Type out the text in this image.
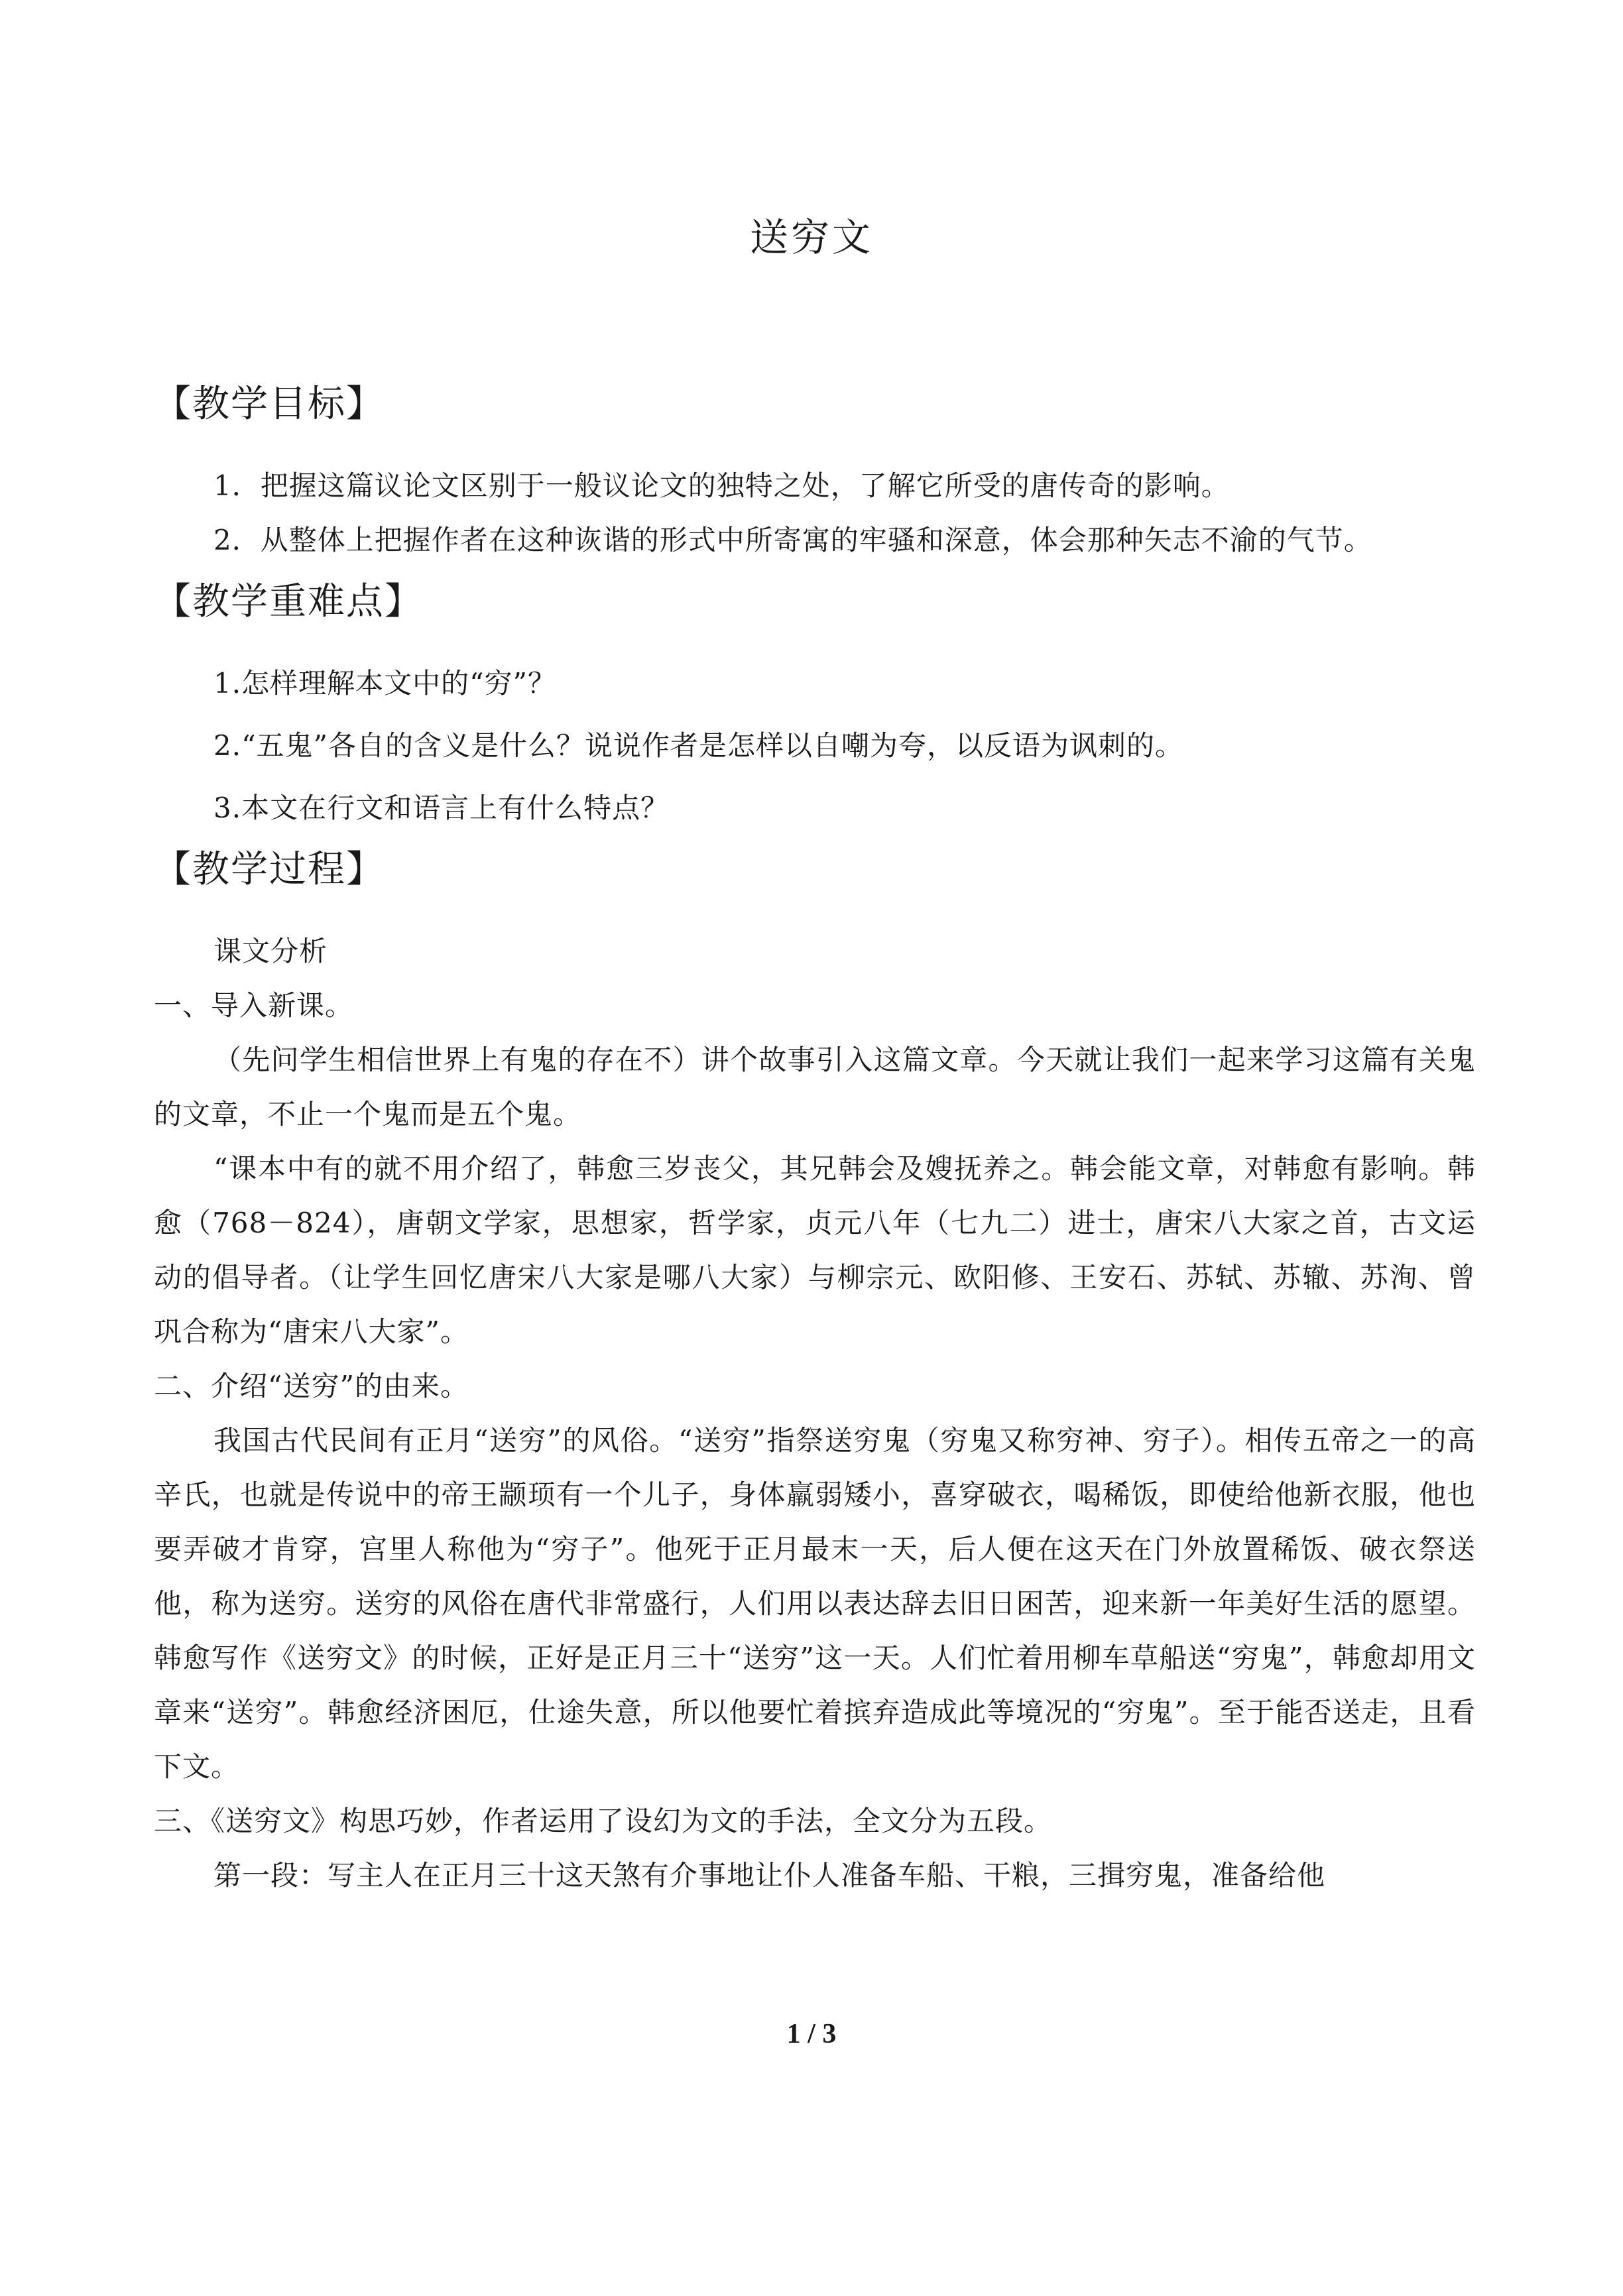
送穷文
【教学目标】

1．把握这篇议论文区别于一般议论文的独特之处，了解它所受的唐传奇的影响。

2．从整体上把握作者在这种诙谐的形式中所寄寓的牢骚和深意，体会那种矢志不渝的气节。

【教学重难点】

1.怎样理解本文中的“穷”？

2.“五鬼”各自的含义是什么？说说作者是怎样以自嘲为夸，以反语为讽刺的。

3.本文在行文和语言上有什么特点？

【教学过程】

课文分析

一、导入新课。

（先问学生相信世界上有鬼的存在不）讲个故事引入这篇文章。今天就让我们一起来学习这篇有关鬼的文章，不止一个鬼而是五个鬼。

“课本中有的就不用介绍了，韩愈三岁丧父，其兄韩会及嫂抚养之。韩会能文章，对韩愈有影响。韩愈（768－824），唐朝文学家，思想家，哲学家，贞元八年（七九二）进士，唐宋八大家之首，古文运动的倡导者。（让学生回忆唐宋八大家是哪八大家）与柳宗元、欧阳修、王安石、苏轼、苏辙、苏洵、曾巩合称为“唐宋八大家”。

二、介绍“送穷”的由来。

我国古代民间有正月“送穷”的风俗。“送穷”指祭送穷鬼（穷鬼又称穷神、穷子）。相传五帝之一的高辛氏，也就是传说中的帝王颛顼有一个儿子，身体羸弱矮小，喜穿破衣，喝稀饭，即使给他新衣服，他也要弄破才肯穿，宫里人称他为“穷子”。他死于正月最末一天，后人便在这天在门外放置稀饭、破衣祭送他，称为送穷。送穷的风俗在唐代非常盛行，人们用以表达辞去旧日困苦，迎来新一年美好生活的愿望。韩愈写作《送穷文》的时候，正好是正月三十“送穷”这一天。人们忙着用柳车草船送“穷鬼”，韩愈却用文章来“送穷”。韩愈经济困厄，仕途失意，所以他要忙着摈弃造成此等境况的“穷鬼”。至于能否送走，且看下文。

三、《送穷文》构思巧妙，作者运用了设幻为文的手法，全文分为五段。

第一段：写主人在正月三十这天煞有介事地让仆人准备车船、干粮，三揖穷鬼，准备给他

1 / 3
